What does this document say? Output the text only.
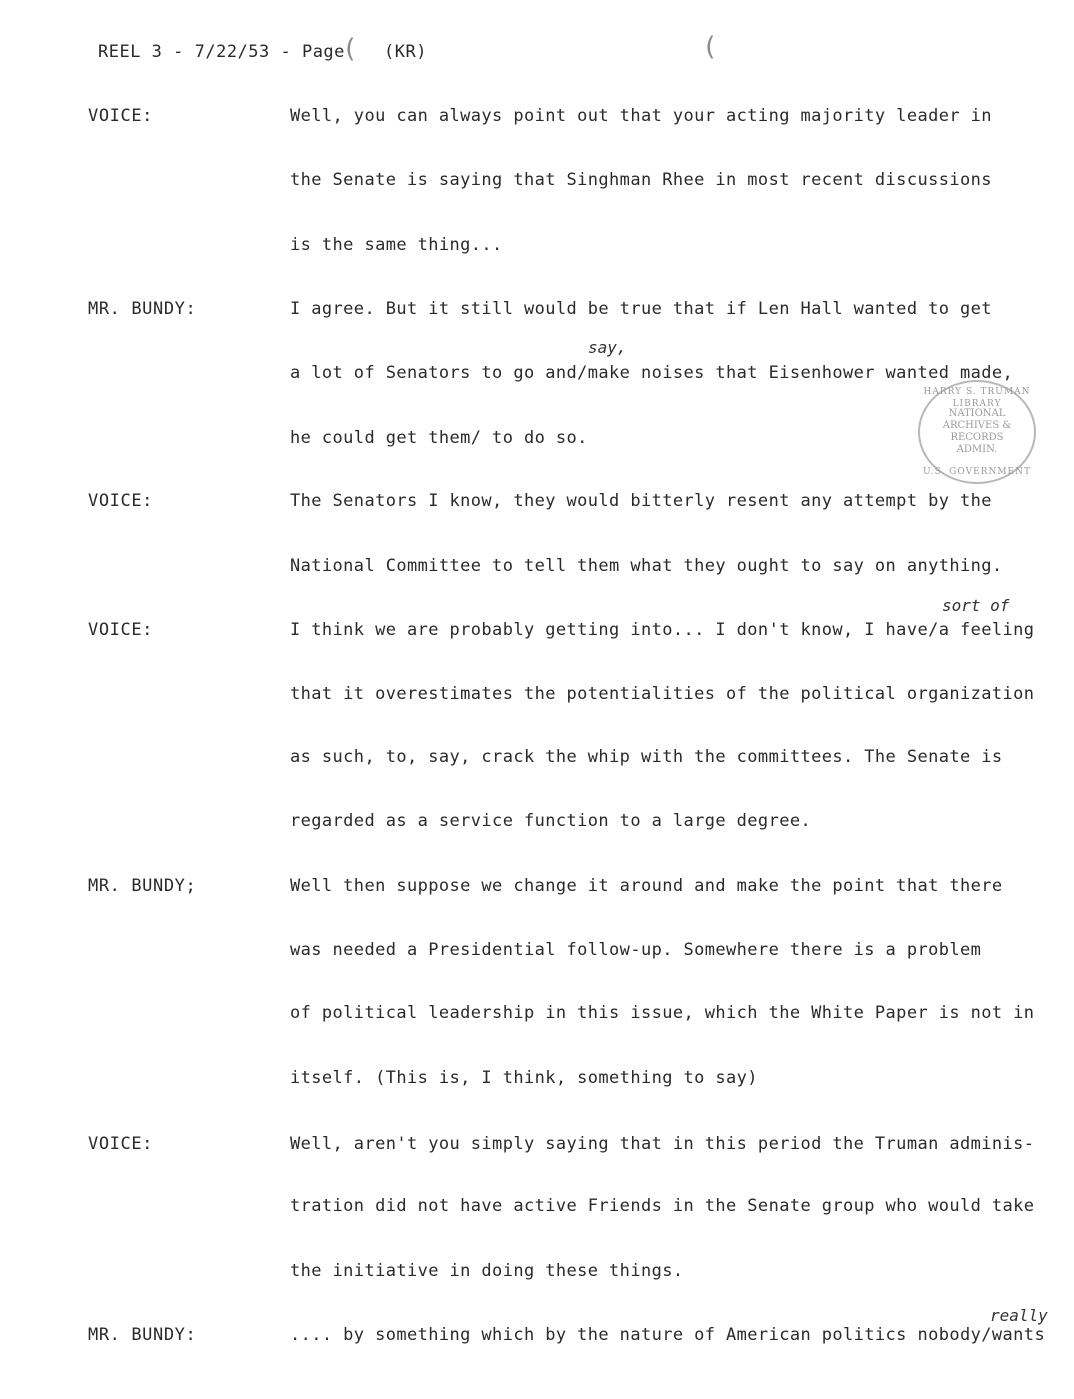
REEL 3 - 7/22/53 - Page
( (KR)	(
HARRY S. TRUMAN LIBRARY
NATIONAL
ARCHIVES &
RECORDS
ADMIN.
U.S. GOVERNMENT
VOICE:
MR. BUNDY:
VOICE:
VOICE:
MR. BUNDY;
VOICE:
MR. BUNDY:
Well, you can always point out that your acting majority leader in
the Senate is saying that Singhman Rhee in most recent discussions
is the same thing...
I agree. But it still would be true that if Len Hall wanted to get
say,
a lot of Senators to go and/make noises that Eisenhower wanted made,
he could get them/ to do so.
The Senators I know, they would bitterly resent any attempt by the
National Committee to tell them what they ought to say on anything.
sort of
I think we are probably getting into... I don't know, I have/a feeling
that it overestimates the potentialities of the political organization
as such, to, say, crack the whip with the committees. The Senate is
regarded as a service function to a large degree.
Well then suppose we change it around and make the point that there
was needed a Presidential follow-up. Somewhere there is a problem
of political leadership in this issue, which the White Paper is not in
itself. (This is, I think, something to say)
Well, aren't you simply saying that in this period the Truman adminis-
tration did not have active Friends in the Senate group who would take
the initiative in doing these things.
really
.... by something which by the nature of American politics nobody/wants
